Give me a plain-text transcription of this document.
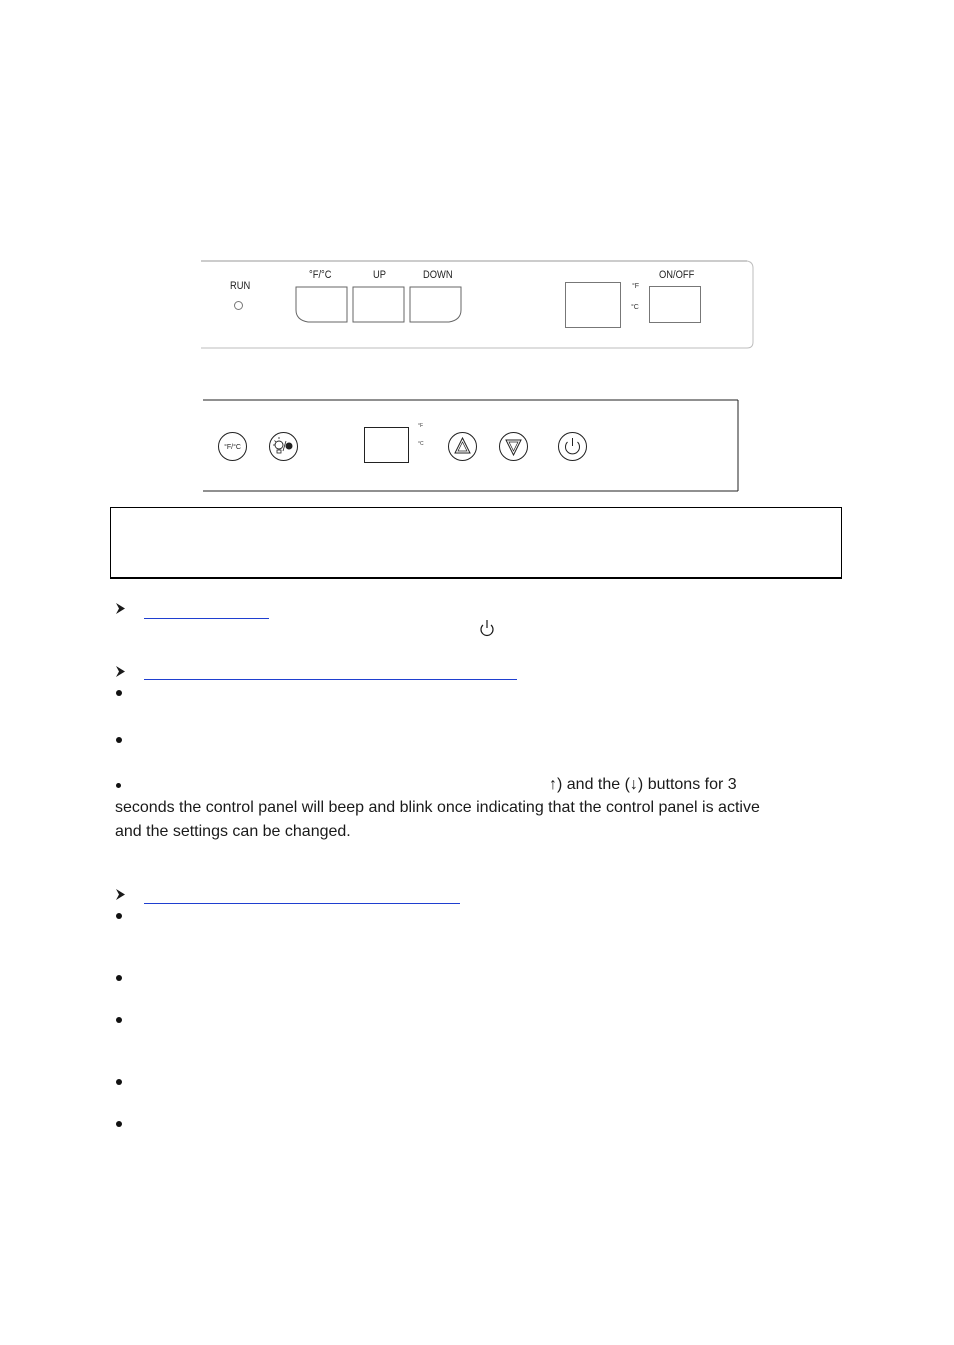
RUN
°F/°C	UP	DOWN	ON/OFF
°F
°C
°F/°C
°F
°C
↑) and the (↓) buttons for 3
seconds the control panel will beep and blink once indicating that the control panel is active
and the settings can be changed.
